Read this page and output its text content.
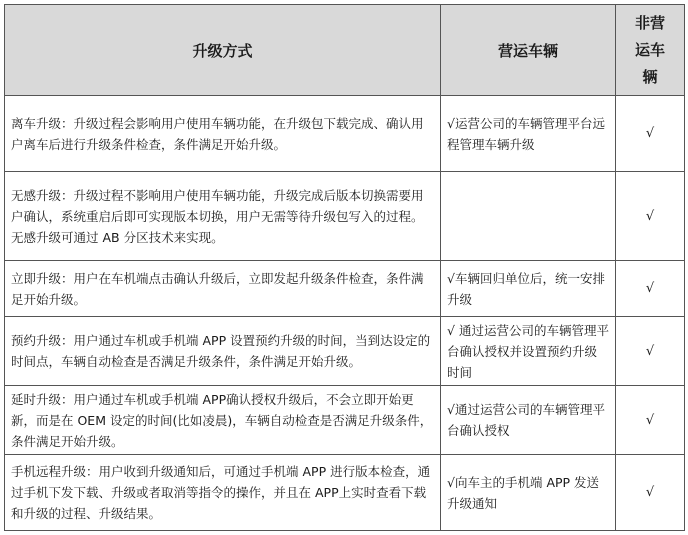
升级方式	营运车辆	非营运车辆
离车升级：升级过程会影响用户使用车辆功能，在升级包下载完成、确认用户离车后进行升级条件检查，条件满足开始升级。	√运营公司的车辆管理平台远程管理车辆升级	√
无感升级：升级过程不影响用户使用车辆功能，升级完成后版本切换需要用户确认，系统重启后即可实现版本切换，用户无需等待升级包写入的过程。无感升级可通过 AB 分区技术来实现。		√
立即升级：用户在车机端点击确认升级后，立即发起升级条件检查，条件满足开始升级。	√车辆回归单位后，统一安排升级	√
预约升级：用户通过车机或手机端 APP 设置预约升级的时间，当到达设定的时间点，车辆自动检查是否满足升级条件，条件满足开始升级。	√ 通过运营公司的车辆管理平台确认授权并设置预约升级时间	√
延时升级：用户通过车机或手机端 APP确认授权升级后，不会立即开始更新，而是在 OEM 设定的时间(比如凌晨)，车辆自动检查是否满足升级条件，条件满足开始升级。	√通过运营公司的车辆管理平台确认授权	√
手机远程升级：用户收到升级通知后，可通过手机端 APP 进行版本检查，通过手机下发下载、升级或者取消等指令的操作，并且在 APP上实时查看下载和升级的过程、升级结果。	√向车主的手机端 APP 发送升级通知	√
